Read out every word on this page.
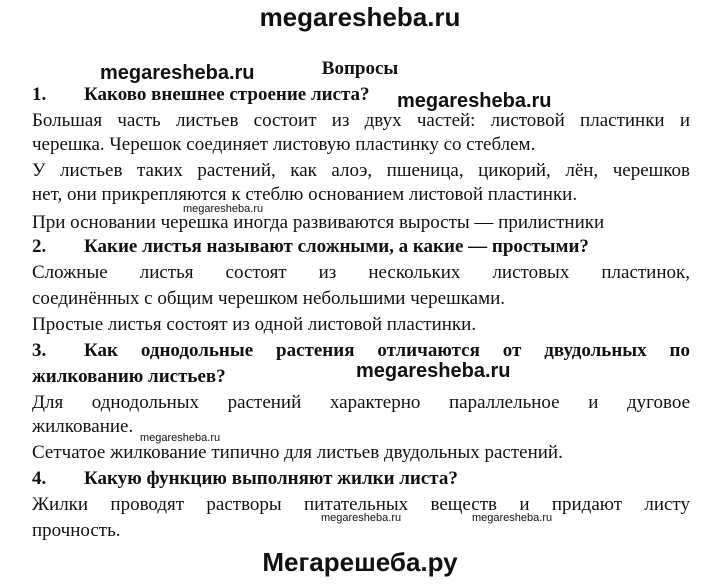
megaresheba.ru
Вопросы
megaresheba.ru
1. Каково внешнее строение листа? megaresheba.ru
Большая часть листьев состоит из двух частей: листовой пластинки и
черешка. Черешок соединяет листовую пластинку со стеблем.
У листьев таких растений, как алоэ, пшеница, цикорий, лён, черешков
нет, они прикрепляются к стеблю основанием листовой пластинки.
megaresheba.ru
При основании черешка иногда развиваются выросты — прилистники
2. Какие листья называют сложными, а какие — простыми?
Сложные листья состоят из нескольких листовых пластинок,
соединённых с общим черешком небольшими черешками.
Простые листья состоят из одной листовой пластинки.
3. Как однодольные растения отличаются от двудольных по
жилкованию листьев?	megaresheba.ru
Для однодольных растений характерно параллельное и дуговое
жилкование.
megaresheba.ru
Сетчатое жилкование типично для листьев двудольных растений.
4. Какую функцию выполняют жилки листа?
Жилки проводят растворы питательных веществ и придают листу
megaresheba.ru	megaresheba.ru
прочность.
Мегарешеба.ру
